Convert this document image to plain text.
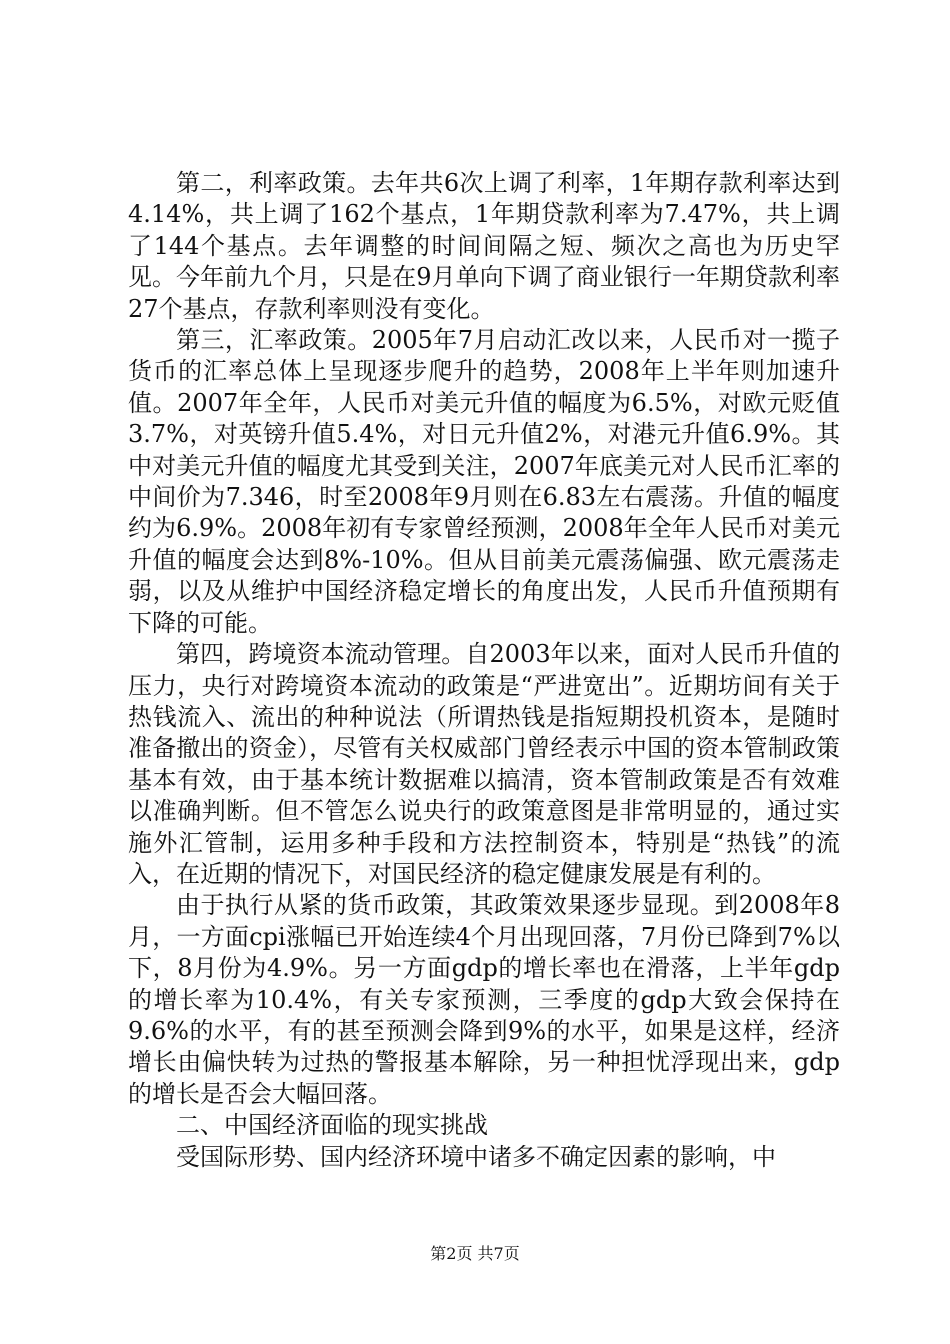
第二，利率政策。去年共6次上调了利率，1年期存款利率达到4.14%，共上调了162个基点，1年期贷款利率为7.47%，共上调了144个基点。去年调整的时间间隔之短、频次之高也为历史罕见。今年前九个月，只是在9月单向下调了商业银行一年期贷款利率27个基点，存款利率则没有变化。

第三，汇率政策。2005年7月启动汇改以来，人民币对一揽子货币的汇率总体上呈现逐步爬升的趋势，2008年上半年则加速升值。2007年全年，人民币对美元升值的幅度为6.5%，对欧元贬值3.7%，对英镑升值5.4%，对日元升值2%，对港元升值6.9%。其中对美元升值的幅度尤其受到关注，2007年底美元对人民币汇率的中间价为7.346，时至2008年9月则在6.83左右震荡。升值的幅度约为6.9%。2008年初有专家曾经预测，2008年全年人民币对美元升值的幅度会达到8%-10%。但从目前美元震荡偏强、欧元震荡走弱，以及从维护中国经济稳定增长的角度出发，人民币升值预期有下降的可能。

第四，跨境资本流动管理。自2003年以来，面对人民币升值的压力，央行对跨境资本流动的政策是“严进宽出”。近期坊间有关于热钱流入、流出的种种说法（所谓热钱是指短期投机资本，是随时准备撤出的资金），尽管有关权威部门曾经表示中国的资本管制政策基本有效，由于基本统计数据难以搞清，资本管制政策是否有效难以准确判断。但不管怎么说央行的政策意图是非常明显的，通过实施外汇管制，运用多种手段和方法控制资本，特别是“热钱”的流入，在近期的情况下，对国民经济的稳定健康发展是有利的。

由于执行从紧的货币政策，其政策效果逐步显现。到2008年8月，一方面cpi涨幅已开始连续4个月出现回落，7月份已降到7%以下，8月份为4.9%。另一方面gdp的增长率也在滑落，上半年gdp的增长率为10.4%，有关专家预测，三季度的gdp大致会保持在9.6%的水平，有的甚至预测会降到9%的水平，如果是这样，经济增长由偏快转为过热的警报基本解除，另一种担忧浮现出来，gdp的增长是否会大幅回落。

二、中国经济面临的现实挑战

受国际形势、国内经济环境中诸多不确定因素的影响，中

第2页 共7页
